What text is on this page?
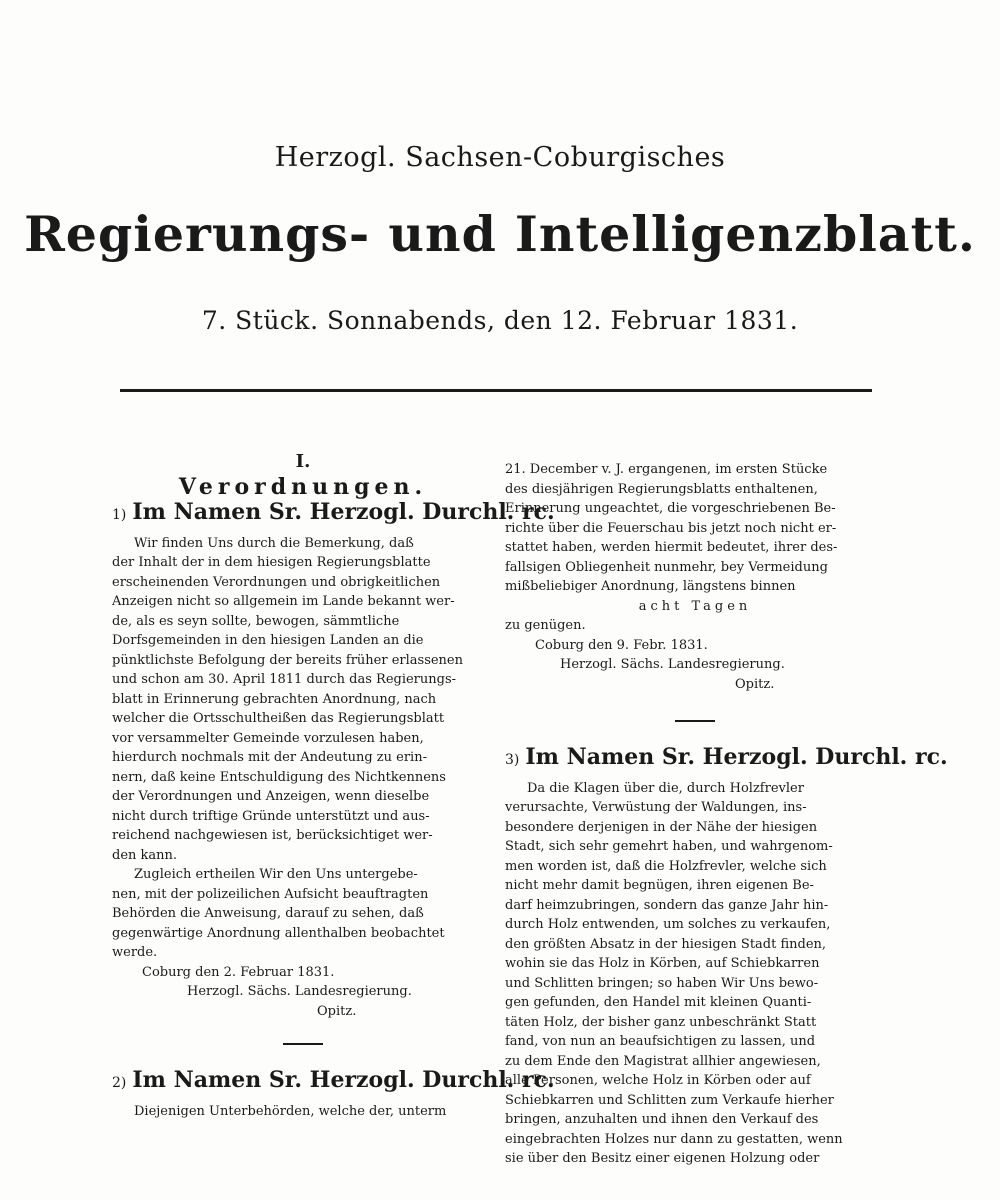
Herzogl. Sachsen-Coburgisches
Regierungs- und Intelligenzblatt.
7. Stück. Sonnabends, den 12. Februar 1831.
I.
Verordnungen.
1) Im Namen Sr. Herzogl. Durchl. rc.
Wir finden Uns durch die Bemerkung, daß
der Inhalt der in dem hiesigen Regierungsblatte
erscheinenden Verordnungen und obrigkeitlichen
Anzeigen nicht so allgemein im Lande bekannt wer-
de, als es seyn sollte, bewogen, sämmtliche
Dorfsgemeinden in den hiesigen Landen an die
pünktlichste Befolgung der bereits früher erlassenen
und schon am 30. April 1811 durch das Regierungs-
blatt in Erinnerung gebrachten Anordnung, nach
welcher die Ortsschultheißen das Regierungsblatt
vor versammelter Gemeinde vorzulesen haben,
hierdurch nochmals mit der Andeutung zu erin-
nern, daß keine Entschuldigung des Nichtkennens
der Verordnungen und Anzeigen, wenn dieselbe
nicht durch triftige Gründe unterstützt und aus-
reichend nachgewiesen ist, berücksichtiget wer-
den kann.
Zugleich ertheilen Wir den Uns untergebe-
nen, mit der polizeilichen Aufsicht beauftragten
Behörden die Anweisung, darauf zu sehen, daß
gegenwärtige Anordnung allenthalben beobachtet
werde.
Coburg den 2. Februar 1831.
Herzogl. Sächs. Landesregierung.
Opitz.
2) Im Namen Sr. Herzogl. Durchl. rc.
Diejenigen Unterbehörden, welche der, unterm
21. December v. J. ergangenen, im ersten Stücke
des diesjährigen Regierungsblatts enthaltenen,
Erinnerung ungeachtet, die vorgeschriebenen Be-
richte über die Feuerschau bis jetzt noch nicht er-
stattet haben, werden hiermit bedeutet, ihrer des-
fallsigen Obliegenheit nunmehr, bey Vermeidung
mißbeliebiger Anordnung, längstens binnen
acht Tagen
zu genügen.
Coburg den 9. Febr. 1831.
Herzogl. Sächs. Landesregierung.
Opitz.
3) Im Namen Sr. Herzogl. Durchl. rc.
Da die Klagen über die, durch Holzfrevler
verursachte, Verwüstung der Waldungen, ins-
besondere derjenigen in der Nähe der hiesigen
Stadt, sich sehr gemehrt haben, und wahrgenom-
men worden ist, daß die Holzfrevler, welche sich
nicht mehr damit begnügen, ihren eigenen Be-
darf heimzubringen, sondern das ganze Jahr hin-
durch Holz entwenden, um solches zu verkaufen,
den größten Absatz in der hiesigen Stadt finden,
wohin sie das Holz in Körben, auf Schiebkarren
und Schlitten bringen; so haben Wir Uns bewo-
gen gefunden, den Handel mit kleinen Quanti-
täten Holz, der bisher ganz unbeschränkt Statt
fand, von nun an beaufsichtigen zu lassen, und
zu dem Ende den Magistrat allhier angewiesen,
alle Personen, welche Holz in Körben oder auf
Schiebkarren und Schlitten zum Verkaufe hierher
bringen, anzuhalten und ihnen den Verkauf des
eingebrachten Holzes nur dann zu gestatten, wenn
sie über den Besitz einer eigenen Holzung oder
